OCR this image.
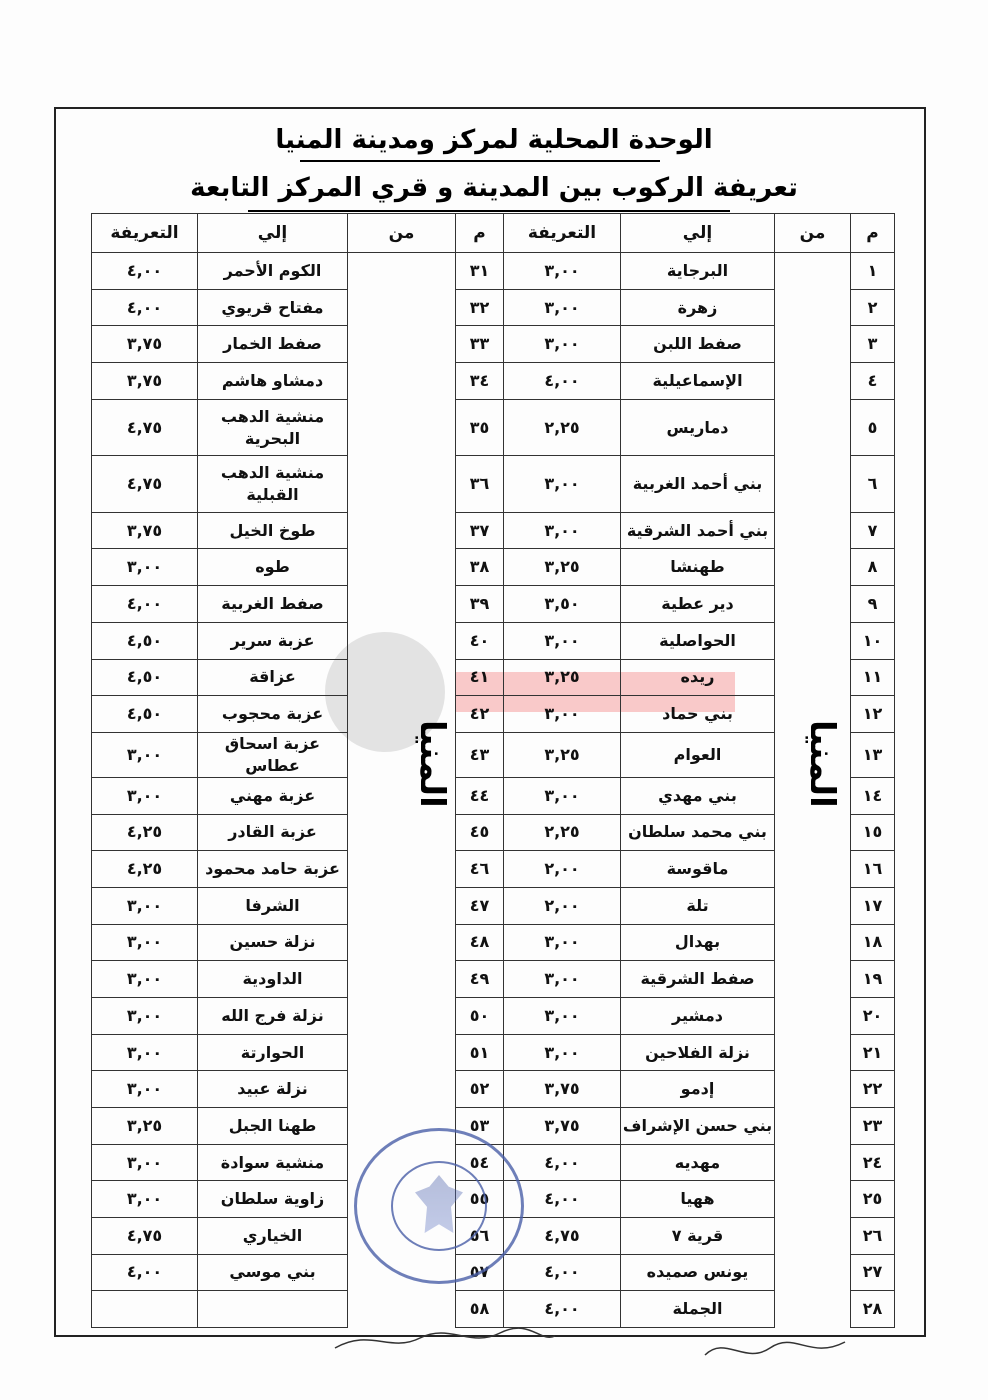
الوحدة المحلية لمركز ومدينة المنيا
تعريفة الركوب بين المدينة و قري المركز التابعة
م	من	إلي	التعريفة	م	من	إلي	التعريفة
١		البرجاية	٣,٠٠	٣١		الكوم الأحمر	٤,٠٠
٢		زهرة	٣,٠٠	٣٢		مفتاح قريوي	٤,٠٠
٣		صفط اللبن	٣,٠٠	٣٣		صفط الخمار	٣,٧٥
٤		الإسماعيلية	٤,٠٠	٣٤		دمشاو هاشم	٣,٧٥
٥		دماريس	٢,٢٥	٣٥		منشية الدهب البحرية	٤,٧٥
٦		بني أحمد الغربية	٣,٠٠	٣٦		منشية الدهب القبلية	٤,٧٥
٧		بني أحمد الشرقية	٣,٠٠	٣٧		طوخ الخيل	٣,٧٥
٨		طهنشا	٣,٢٥	٣٨		طوه	٣,٠٠
٩		دير عطية	٣,٥٠	٣٩		صفط الغربية	٤,٠٠
١٠		الحواصلية	٣,٠٠	٤٠		عزبة سرير	٤,٥٠
١١		ريده	٣,٢٥	٤١		عزاقة	٤,٥٠
١٢		بني حماد	٣,٠٠	٤٢		عزبة محجوب	٤,٥٠
١٣		العوام	٣,٢٥	٤٣		عزبة اسحاق عطاس	٣,٠٠
١٤		بني مهدي	٣,٠٠	٤٤		عزبة مهني	٣,٠٠
١٥		بني محمد سلطان	٢,٢٥	٤٥		عزبة القادر	٤,٢٥
١٦		ماقوسة	٢,٠٠	٤٦		عزبة حامد محمود	٤,٢٥
١٧		تلة	٢,٠٠	٤٧		الشرفا	٣,٠٠
١٨		بهدال	٣,٠٠	٤٨		نزلة حسين	٣,٠٠
١٩		صفط الشرقية	٣,٠٠	٤٩		الداودية	٣,٠٠
٢٠		دمشير	٣,٠٠	٥٠		نزلة فرج الله	٣,٠٠
٢١		نزلة الفلاحين	٣,٠٠	٥١		الحوارتة	٣,٠٠
٢٢		إدمو	٣,٧٥	٥٢		نزلة عبيد	٣,٠٠
٢٣		بني حسن الإشراف	٣,٧٥	٥٣		طهنا الجبل	٣,٢٥
٢٤		مهديه	٤,٠٠	٥٤		منشية سوادة	٣,٠٠
٢٥		ههيا	٤,٠٠	٥٥		زاوية سلطان	٣,٠٠
٢٦		قرية ٧	٤,٧٥	٥٦		الخياري	٤,٧٥
٢٧		يونس صميده	٤,٠٠	٥٧		بني موسي	٤,٠٠
٢٨		الجملة	٤,٠٠	٥٨			
المنيا
المنيا
